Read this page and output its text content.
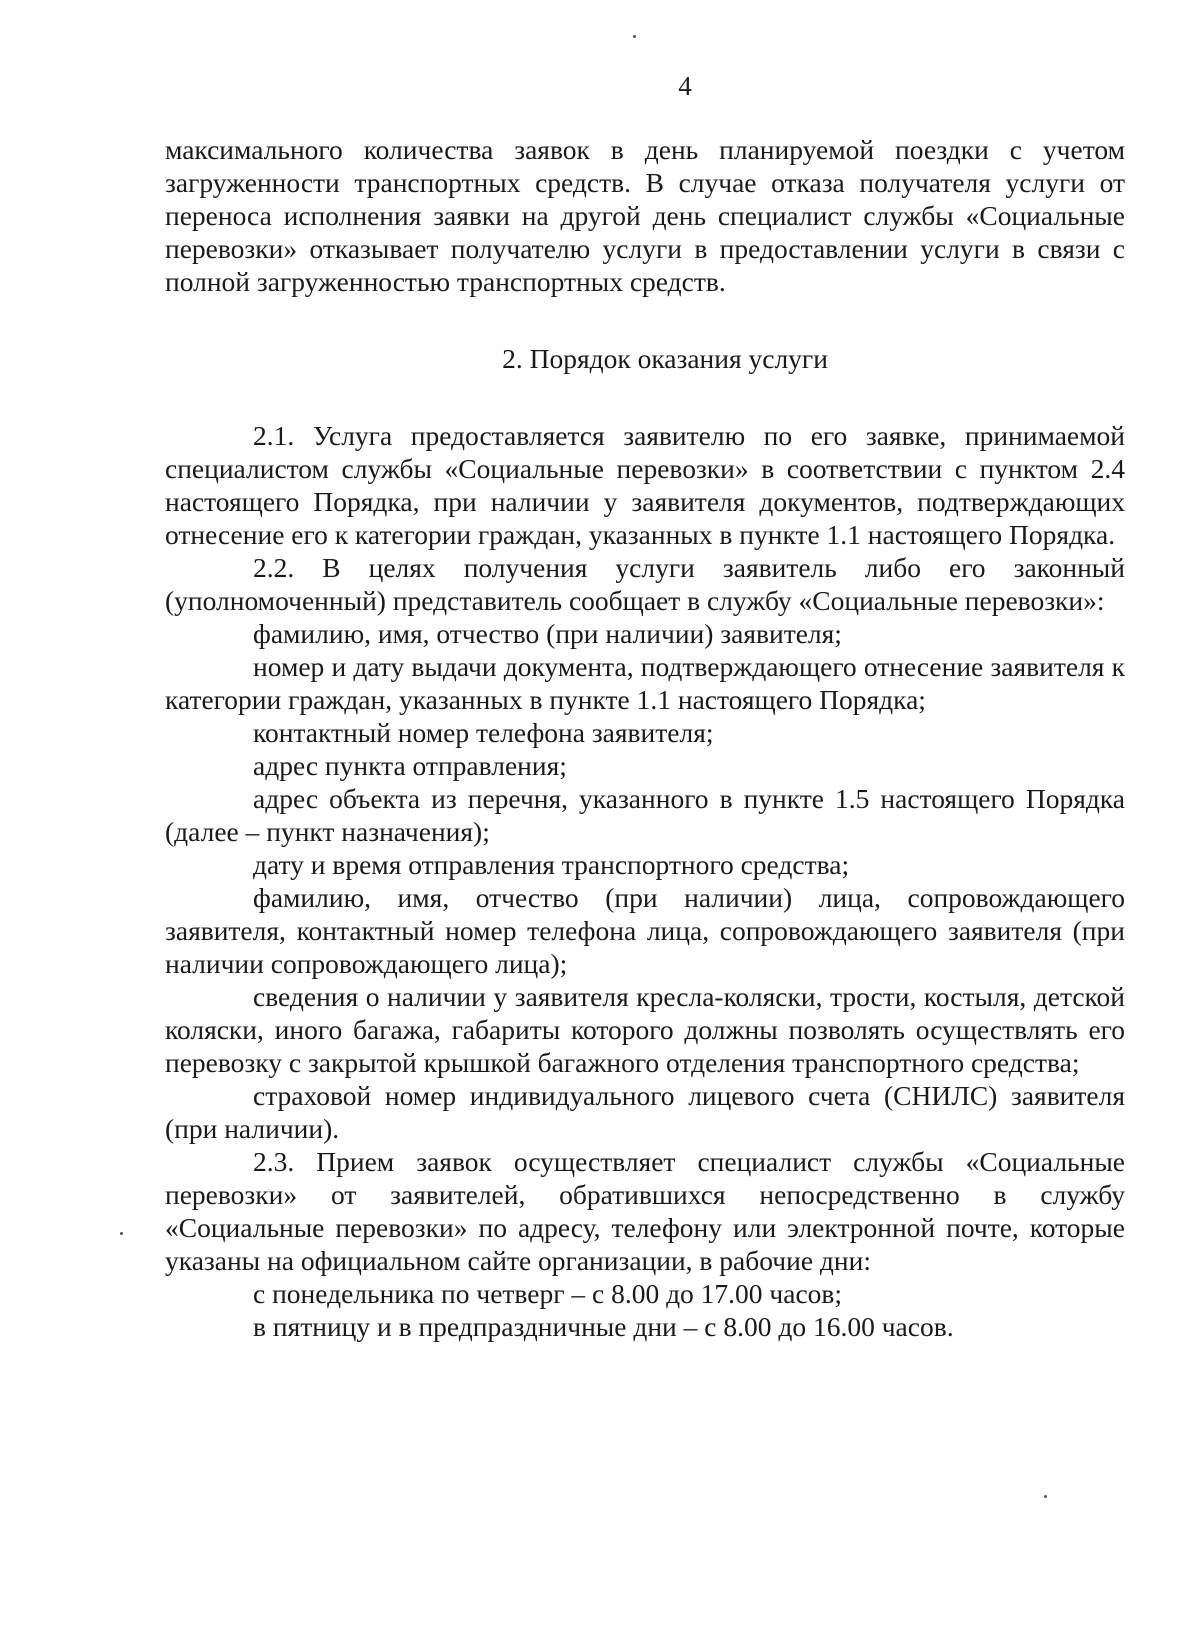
4

максимального количества заявок в день планируемой поездки с учетом загруженности транспортных средств. В случае отказа получателя услуги от переноса исполнения заявки на другой день специалист службы «Социальные перевозки» отказывает получателю услуги в предоставлении услуги в связи с полной загруженностью транспортных средств.

2. Порядок оказания услуги

2.1. Услуга предоставляется заявителю по его заявке, принимаемой специалистом службы «Социальные перевозки» в соответствии с пунктом 2.4 настоящего Порядка, при наличии у заявителя документов, подтверждающих отнесение его к категории граждан, указанных в пункте 1.1 настоящего Порядка.

2.2. В целях получения услуги заявитель либо его законный (уполномоченный) представитель сообщает в службу «Социальные перевозки»:

фамилию, имя, отчество (при наличии) заявителя;

номер и дату выдачи документа, подтверждающего отнесение заявителя к категории граждан, указанных в пункте 1.1 настоящего Порядка;

контактный номер телефона заявителя;

адрес пункта отправления;

адрес объекта из перечня, указанного в пункте 1.5 настоящего Порядка (далее – пункт назначения);

дату и время отправления транспортного средства;

фамилию, имя, отчество (при наличии) лица, сопровождающего заявителя, контактный номер телефона лица, сопровождающего заявителя (при наличии сопровождающего лица);

сведения о наличии у заявителя кресла-коляски, трости, костыля, детской коляски, иного багажа, габариты которого должны позволять осуществлять его перевозку с закрытой крышкой багажного отделения транспортного средства;

страховой номер индивидуального лицевого счета (СНИЛС) заявителя (при наличии).

2.3. Прием заявок осуществляет специалист службы «Социальные перевозки» от заявителей, обратившихся непосредственно в службу «Социальные перевозки» по адресу, телефону или электронной почте, которые указаны на официальном сайте организации, в рабочие дни:

с понедельника по четверг – с 8.00 до 17.00 часов;

в пятницу и в предпраздничные дни – с 8.00 до 16.00 часов.
